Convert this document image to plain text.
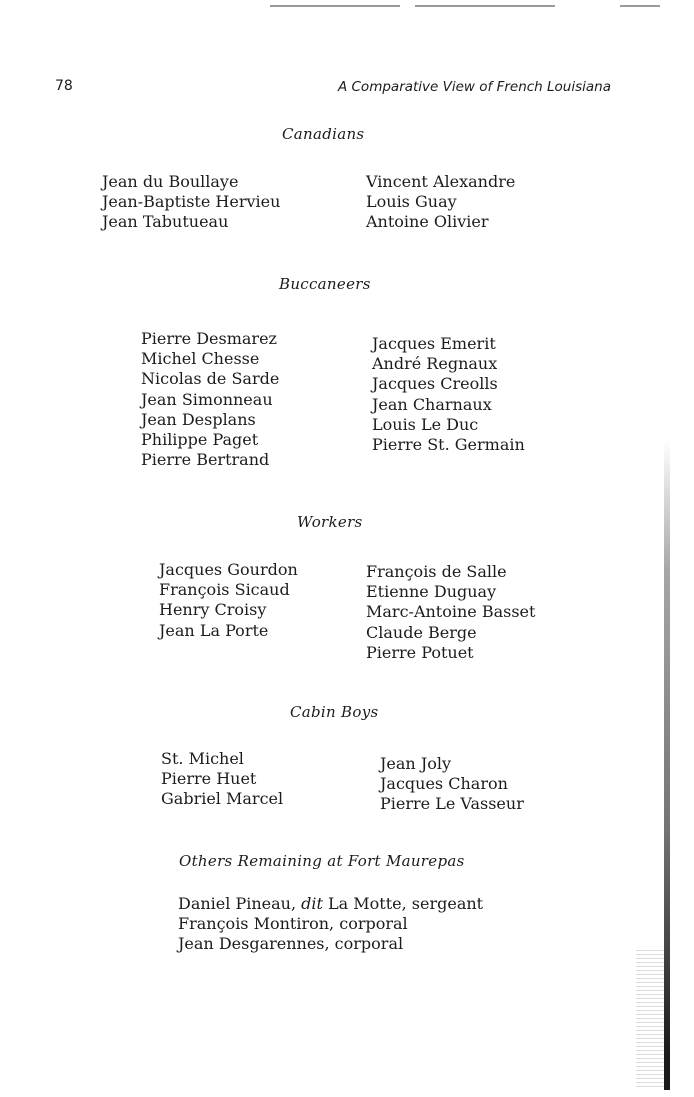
78	A Comparative View of French Louisiana
Canadians
Jean du Boullaye
Jean-Baptiste Hervieu
Jean Tabutueau
Vincent Alexandre
Louis Guay
Antoine Olivier
Buccaneers
Pierre Desmarez
Michel Chesse
Nicolas de Sarde
Jean Simonneau
Jean Desplans
Philippe Paget
Pierre Bertrand
Jacques Emerit
André Regnaux
Jacques Creolls
Jean Charnaux
Louis Le Duc
Pierre St. Germain
Workers
Jacques Gourdon
François Sicaud
Henry Croisy
Jean La Porte
François de Salle
Etienne Duguay
Marc-Antoine Basset
Claude Berge
Pierre Potuet
Cabin Boys
St. Michel
Pierre Huet
Gabriel Marcel
Jean Joly
Jacques Charon
Pierre Le Vasseur
Others Remaining at Fort Maurepas
Daniel Pineau, dit La Motte, sergeant
François Montiron, corporal
Jean Desgarennes, corporal
